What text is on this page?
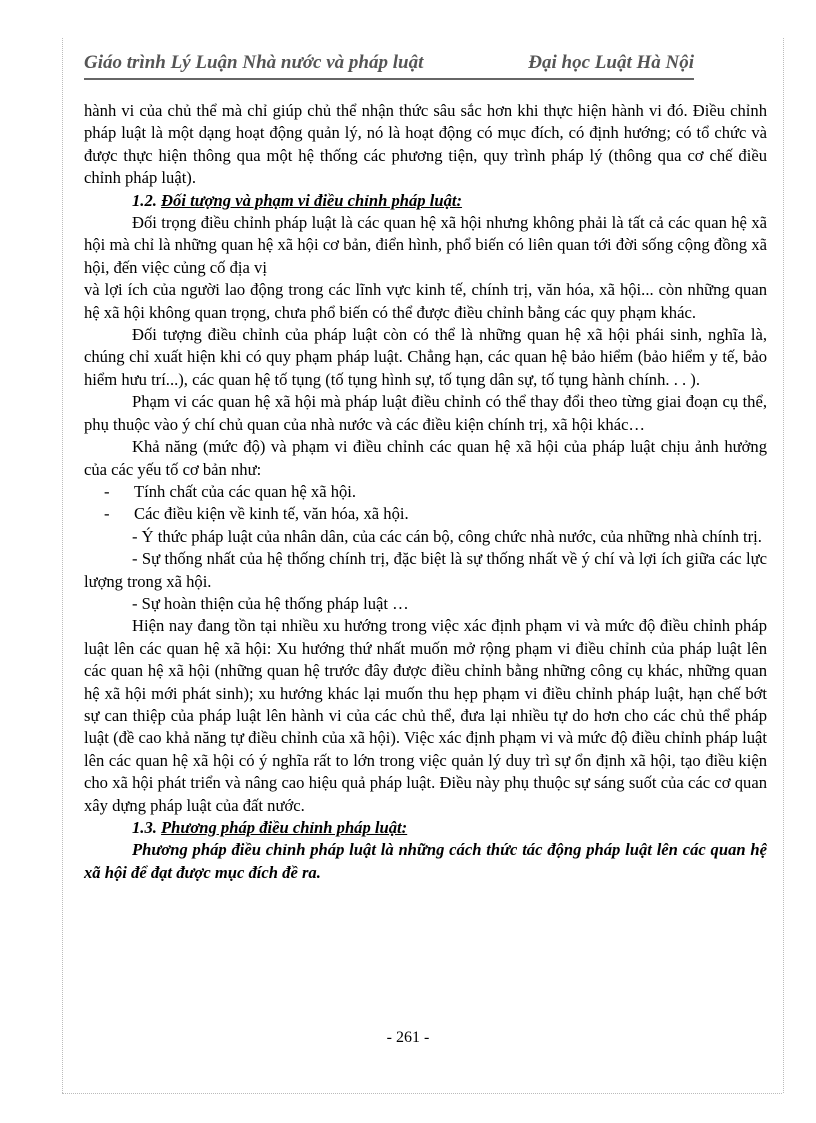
Giáo trình Lý Luận Nhà nước và pháp luật	Đại học Luật Hà Nội

hành vi của chủ thể mà chỉ giúp chủ thể nhận thức sâu sắc hơn khi thực hiện hành vi đó. Điều chỉnh pháp luật là một dạng hoạt động quản lý, nó là hoạt động có mục đích, có định hướng; có tổ chức và được thực hiện thông qua một hệ thống các phương tiện, quy trình pháp lý (thông qua cơ chế điều chỉnh pháp luật).

1.2. Đối tượng và phạm vi điều chỉnh pháp luật:

Đối trọng điều chỉnh pháp luật là các quan hệ xã hội nhưng không phải là tất cả các quan hệ xã hội mà chỉ là những quan hệ xã hội cơ bản, điển hình, phổ biến có liên quan tới đời sống cộng đồng xã hội, đến việc củng cố địa vị

và lợi ích của người lao động trong các lĩnh vực kinh tế, chính trị, văn hóa, xã hội... còn những quan hệ xã hội không quan trọng, chưa phổ biến có thể được điều chỉnh bằng các quy phạm khác.

Đối tượng điều chỉnh của pháp luật còn có thể là những quan hệ xã hội phái sinh, nghĩa là, chúng chỉ xuất hiện khi có quy phạm pháp luật. Chẳng hạn, các quan hệ bảo hiểm (bảo hiểm y tế, bảo hiểm hưu trí...), các quan hệ tố tụng (tố tụng hình sự, tố tụng dân sự, tố tụng hành chính. . . ).

Phạm vi các quan hệ xã hội mà pháp luật điều chỉnh có thể thay đổi theo từng giai đoạn cụ thể, phụ thuộc vào ý chí chủ quan của nhà nước và các điều kiện chính trị, xã hội khác…

Khả năng (mức độ) và phạm vi điều chỉnh các quan hệ xã hội của pháp luật chịu ảnh hưởng của các yếu tố cơ bản như:

- Tính chất của các quan hệ xã hội.

- Các điều kiện về kinh tế, văn hóa, xã hội.

- Ý thức pháp luật của nhân dân, của các cán bộ, công chức nhà nước, của những nhà chính trị.

- Sự thống nhất của hệ thống chính trị, đặc biệt là sự thống nhất về ý chí và lợi ích giữa các lực lượng trong xã hội.

- Sự hoàn thiện của hệ thống pháp luật …

Hiện nay đang tồn tại nhiều xu hướng trong việc xác định phạm vi và mức độ điều chỉnh pháp luật lên các quan hệ xã hội: Xu hướng thứ nhất muốn mở rộng phạm vi điều chỉnh của pháp luật lên các quan hệ xã hội (những quan hệ trước đây được điều chỉnh bằng những công cụ khác, những quan hệ xã hội mới phát sinh); xu hướng khác lại muốn thu hẹp phạm vi điều chỉnh pháp luật, hạn chế bớt sự can thiệp của pháp luật lên hành vi của các chủ thể, đưa lại nhiều tự do hơn cho các chủ thể pháp luật (đề cao khả năng tự điều chỉnh của xã hội). Việc xác định phạm vi và mức độ điều chỉnh pháp luật lên các quan hệ xã hội có ý nghĩa rất to lớn trong việc quản lý duy trì sự ổn định xã hội, tạo điều kiện cho xã hội phát triển và nâng cao hiệu quả pháp luật. Điều này phụ thuộc sự sáng suốt của các cơ quan xây dựng pháp luật của đất nước.

1.3. Phương pháp điều chỉnh pháp luật:

Phương pháp điều chỉnh pháp luật là những cách thức tác động pháp luật lên các quan hệ xã hội để đạt được mục đích đề ra.

- 261 -
